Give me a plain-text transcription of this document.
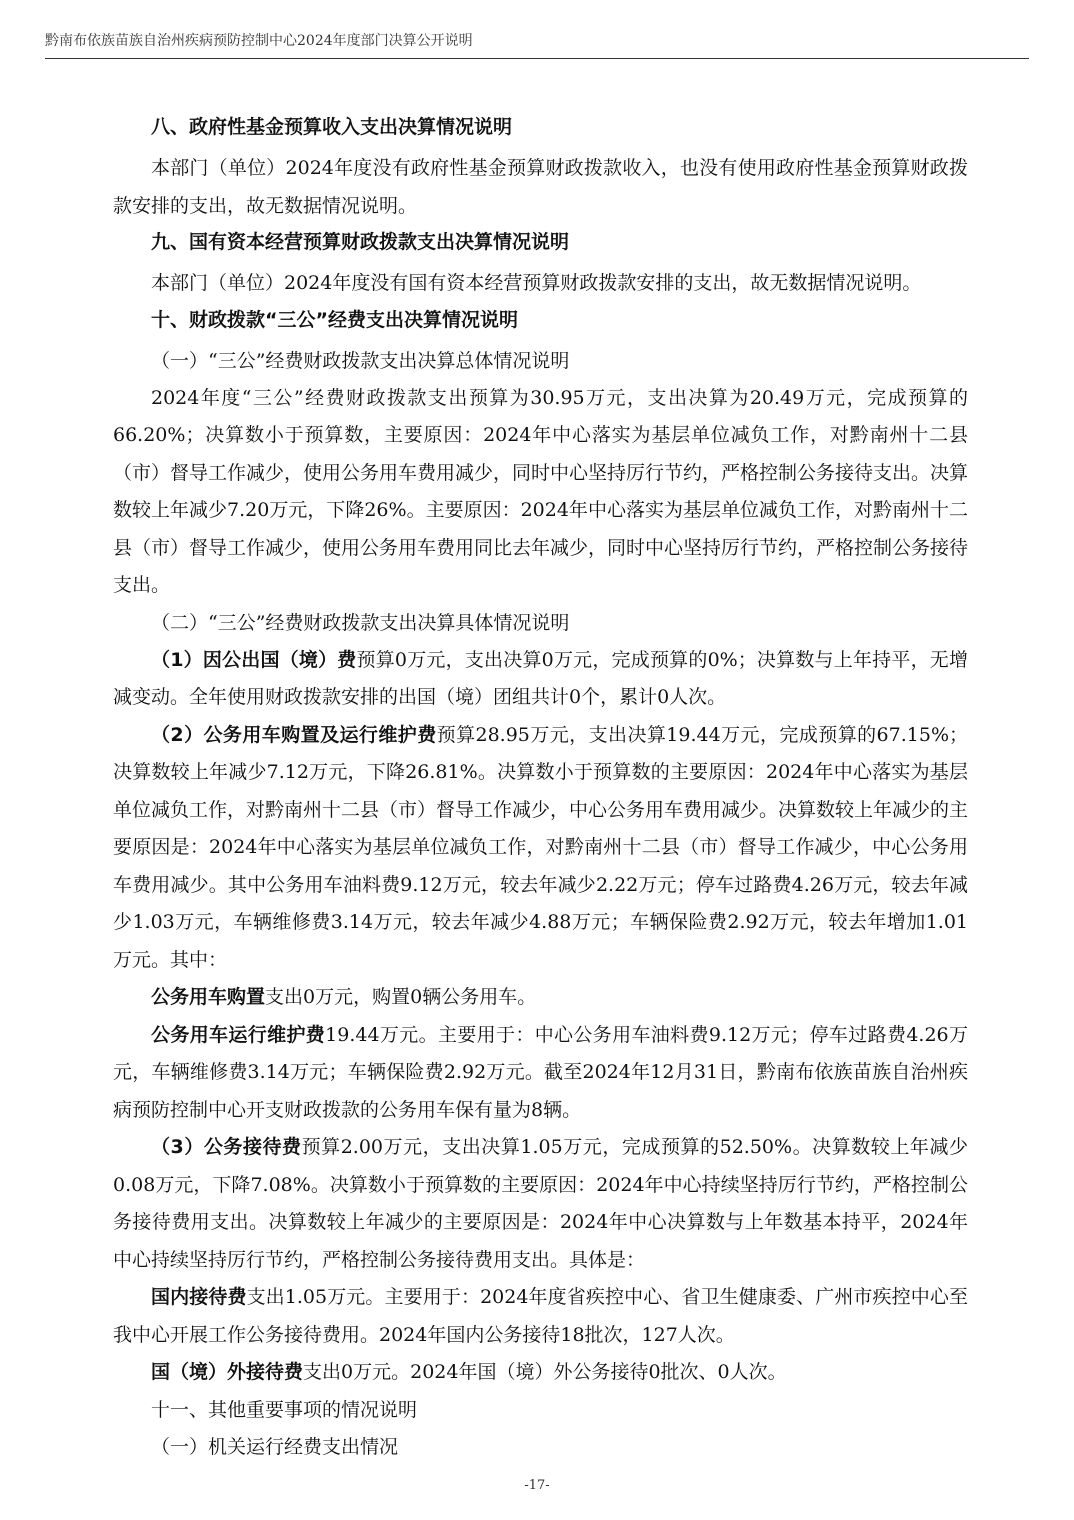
黔南布依族苗族自治州疾病预防控制中心2024年度部门决算公开说明

八、政府性基金预算收入支出决算情况说明

本部门（单位）2024年度没有政府性基金预算财政拨款收入，也没有使用政府性基金预算财政拨款安排的支出，故无数据情况说明。

九、国有资本经营预算财政拨款支出决算情况说明

本部门（单位）2024年度没有国有资本经营预算财政拨款安排的支出，故无数据情况说明。

十、财政拨款“三公”经费支出决算情况说明

（一）“三公”经费财政拨款支出决算总体情况说明

2024年度“三公”经费财政拨款支出预算为30.95万元，支出决算为20.49万元，完成预算的66.20%；决算数小于预算数，主要原因：2024年中心落实为基层单位减负工作，对黔南州十二县（市）督导工作减少，使用公务用车费用减少，同时中心坚持厉行节约，严格控制公务接待支出。决算数较上年减少7.20万元，下降26%。主要原因：2024年中心落实为基层单位减负工作，对黔南州十二县（市）督导工作减少，使用公务用车费用同比去年减少，同时中心坚持厉行节约，严格控制公务接待支出。

（二）“三公”经费财政拨款支出决算具体情况说明

（1）因公出国（境）费预算0万元，支出决算0万元，完成预算的0%；决算数与上年持平，无增减变动。全年使用财政拨款安排的出国（境）团组共计0个，累计0人次。

（2）公务用车购置及运行维护费预算28.95万元，支出决算19.44万元，完成预算的67.15%；决算数较上年减少7.12万元，下降26.81%。决算数小于预算数的主要原因：2024年中心落实为基层单位减负工作，对黔南州十二县（市）督导工作减少，中心公务用车费用减少。决算数较上年减少的主要原因是：2024年中心落实为基层单位减负工作，对黔南州十二县（市）督导工作减少，中心公务用车费用减少。其中公务用车油料费9.12万元，较去年减少2.22万元；停车过路费4.26万元，较去年减少1.03万元，车辆维修费3.14万元，较去年减少4.88万元；车辆保险费2.92万元，较去年增加1.01万元。其中：

公务用车购置支出0万元，购置0辆公务用车。

公务用车运行维护费19.44万元。主要用于：中心公务用车油料费9.12万元；停车过路费4.26万元，车辆维修费3.14万元；车辆保险费2.92万元。截至2024年12月31日，黔南布依族苗族自治州疾病预防控制中心开支财政拨款的公务用车保有量为8辆。

（3）公务接待费预算2.00万元，支出决算1.05万元，完成预算的52.50%。决算数较上年减少0.08万元，下降7.08%。决算数小于预算数的主要原因：2024年中心持续坚持厉行节约，严格控制公务接待费用支出。决算数较上年减少的主要原因是：2024年中心决算数与上年数基本持平，2024年中心持续坚持厉行节约，严格控制公务接待费用支出。具体是：

国内接待费支出1.05万元。主要用于：2024年度省疾控中心、省卫生健康委、广州市疾控中心至我中心开展工作公务接待费用。2024年国内公务接待18批次，127人次。

国（境）外接待费支出0万元。2024年国（境）外公务接待0批次、0人次。

十一、其他重要事项的情况说明

（一）机关运行经费支出情况

-17-
